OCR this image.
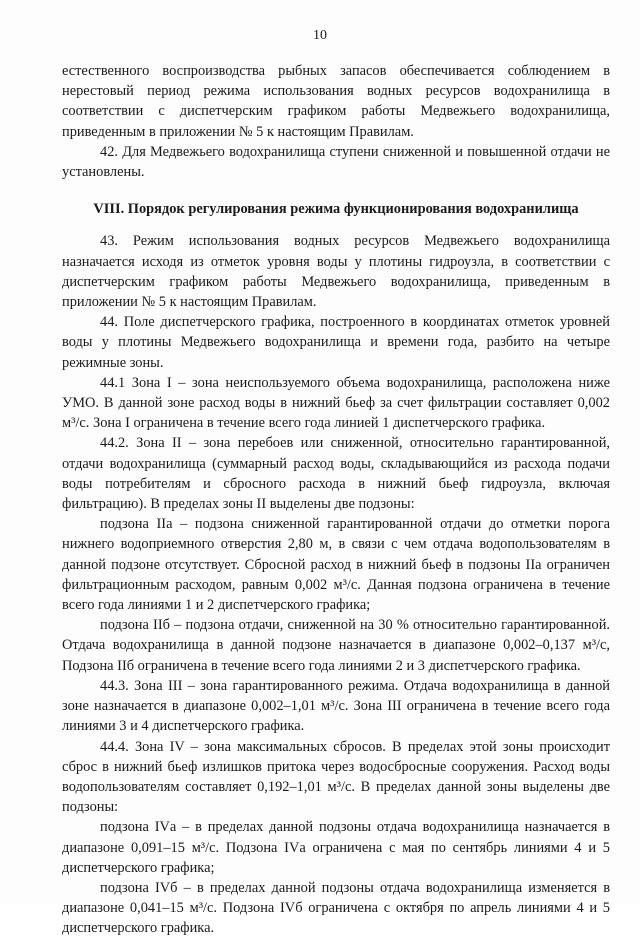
10

естественного воспроизводства рыбных запасов обеспечивается соблюдением в нерестовый период режима использования водных ресурсов водохранилища в соответствии с диспетчерским графиком работы Медвежьего водохранилища, приведенным в приложении № 5 к настоящим Правилам.

42. Для Медвежьего водохранилища ступени сниженной и повышенной отдачи не установлены.

VIII. Порядок регулирования режима функционирования водохранилища

43. Режим использования водных ресурсов Медвежьего водохранилища назначается исходя из отметок уровня воды у плотины гидроузла, в соответствии с диспетчерским графиком работы Медвежьего водохранилища, приведенным в приложении № 5 к настоящим Правилам.

44. Поле диспетчерского графика, построенного в координатах отметок уровней воды у плотины Медвежьего водохранилища и времени года, разбито на четыре режимные зоны.

44.1 Зона I – зона неиспользуемого объема водохранилища, расположена ниже УМО. В данной зоне расход воды в нижний бьеф за счет фильтрации составляет 0,002 м³/с. Зона I ограничена в течение всего года линией 1 диспетчерского графика.

44.2. Зона II – зона перебоев или сниженной, относительно гарантированной, отдачи водохранилища (суммарный расход воды, складывающийся из расхода подачи воды потребителям и сбросного расхода в нижний бьеф гидроузла, включая фильтрацию). В пределах зоны II выделены две подзоны:

подзона IIа – подзона сниженной гарантированной отдачи до отметки порога нижнего водоприемного отверстия 2,80 м, в связи с чем отдача водопользователям в данной подзоне отсутствует. Сбросной расход в нижний бьеф в подзоны IIа ограничен фильтрационным расходом, равным 0,002 м³/с. Данная подзона ограничена в течение всего года линиями 1 и 2 диспетчерского графика;

подзона IIб – подзона отдачи, сниженной на 30 % относительно гарантированной. Отдача водохранилища в данной подзоне назначается в диапазоне 0,002–0,137 м³/с, Подзона IIб ограничена в течение всего года линиями 2 и 3 диспетчерского графика.

44.3. Зона III – зона гарантированного режима. Отдача водохранилища в данной зоне назначается в диапазоне 0,002–1,01 м³/с. Зона III ограничена в течение всего года линиями 3 и 4 диспетчерского графика.

44.4. Зона IV – зона максимальных сбросов. В пределах этой зоны происходит сброс в нижний бьеф излишков притока через водосбросные сооружения. Расход воды водопользователям составляет 0,192–1,01 м³/с. В пределах данной зоны выделены две подзоны:

подзона IVа – в пределах данной подзоны отдача водохранилища назначается в диапазоне 0,091–15 м³/с. Подзона IVа ограничена с мая по сентябрь линиями 4 и 5 диспетчерского графика;

подзона IVб – в пределах данной подзоны отдача водохранилища изменяется в диапазоне 0,041–15 м³/с. Подзона IVб ограничена с октября по апрель линиями 4 и 5 диспетчерского графика.
